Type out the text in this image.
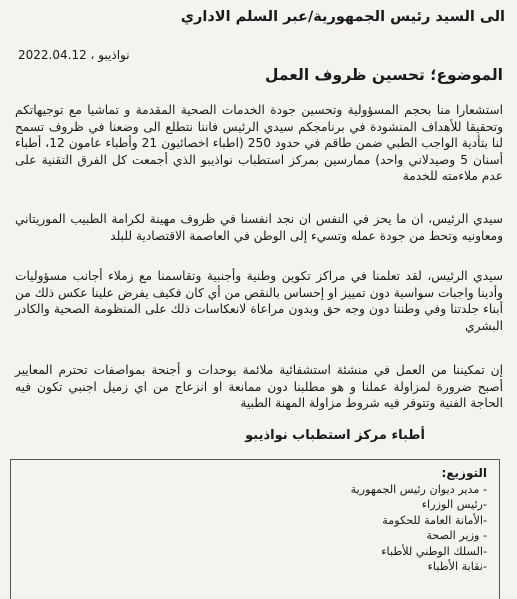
الى السيد رئيس الجمهورية/عبر السلم الاداري
نواذيبو ، 2022.04.12
الموضوع؛ تحسين ظروف العمل
استشعارا منا بحجم المسؤولية وتحسين جودة الخدمات الصحية المقدمة و تماشيا مع توجيهاتكم وتحقيقا للأهداف المنشودة في برنامجكم سيدي الرئيس فاننا نتطلع الى وضعنا في ظروف تسمح لنا بتأدية الواجب الطبي ضمن طاقم في حدود 250 (اطباء اخصائيون 21 وأطباء عامون 12، أطباء أسنان 5 وصيدلاني واحد) ممارسين بمركز استطباب نواذيبو الذي أجمعت كل الفرق التقنية على عدم ملاءمته للخدمة
سيدي الرئيس، ان ما يحز في النفس ان نجد انفسنا في ظروف مهينة لكرامة الطبيب الموريتاني ومعاونيه وتحط من جودة عمله وتسيء إلى الوطن في العاصمة الاقتصادية للبلد
سيدي الرئيس، لقد تعلمنا في مراكز تكوين وطنية وأجنبية وتقاسمنا مع زملاء أجانب مسؤوليات وأدينا واجبات سواسية دون تمييز او إحساس بالنقص من أي كان فكيف يفرض علينا عكس ذلك من أبناء جلدتنا وفي وطننا دون وجه حق وبدون مراعاة لانعكاسات ذلك على المنظومة الصحية والكادر البشري
إن تمكيننا من العمل في منشئة استشفائية ملائمة بوحدات و أجنحة بمواصفات تحترم المعايير أصبح ضرورة لمزاولة عملنا و هو مطلبنا دون ممانعة او انزعاج من اي زميل اجنبي تكون فيه الحاجة الفنية وتتوفر فيه شروط مزاولة المهنة الطبية
أطباء مركز استطباب نواذيبو
التوزيع:
- مدير ديوان رئيس الجمهورية
-رئيس الوزراء
-الأمانة العامة للحكومة
- وزير الصحة
-السلك الوطني للأطباء
-نقابة الأطباء
